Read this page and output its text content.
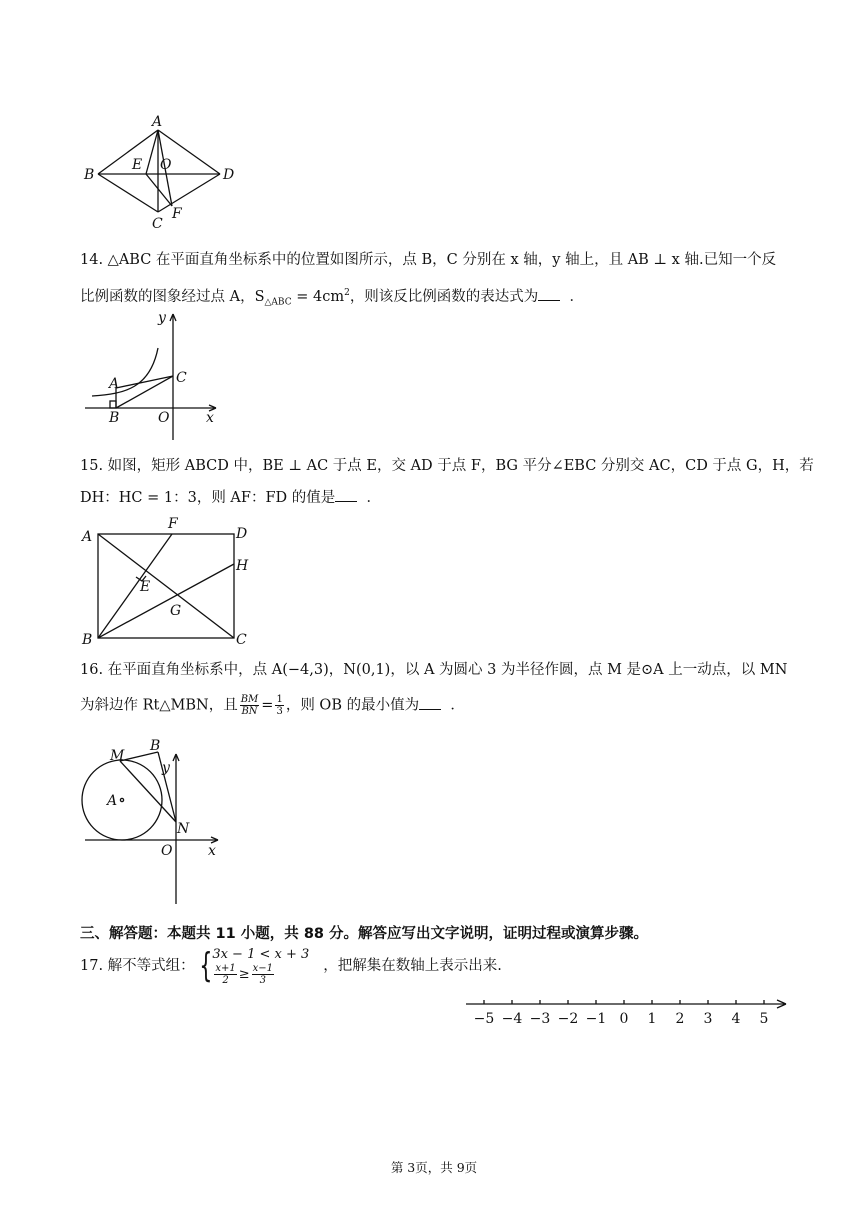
A
B	D
E O
C
F
14. △ABC 在平面直角坐标系中的位置如图所示，点 B，C 分别在 x 轴，y 轴上，且 AB ⊥ x 轴.已知一个反
比例函数的图象经过点 A，$S_{\triangle ABC} = 4cm^2$，则该反比例函数的表达式为 ．
y
A	C
B	O	x
15. 如图，矩形 ABCD 中，BE ⊥ AC 于点 E，交 AD 于点 F，BG 平分∠EBC 分别交 AC，CD 于点 G，H，若
DH：HC = 1：3，则 AF：FD 的值是 ．
A
F
D
H
E
G
B	C
16. 在平面直角坐标系中，点 A(−4,3)，N(0,1)，以 A 为圆心 3 为半径作圆，点 M 是⊙A 上一动点，以 MN
为斜边作 Rt△MBN，且 $\frac{BM}{BN} = \frac{1}{3}$ ，则 OB 的最小值为 ．
M
B
y
A
N
O	x
三、解答题：本题共 11 小题，共 88 分。解答应写出文字说明，证明过程或演算步骤。
17. 解不等式组： { 3x − 1 < x + 3
$\frac{x+1}{2} \ge \frac{x-1}{3}$	，把解集在数轴上表示出来.
−5 −4 −3 −2 −1 0 1 2 3 4 5
第 3页，共 9页
